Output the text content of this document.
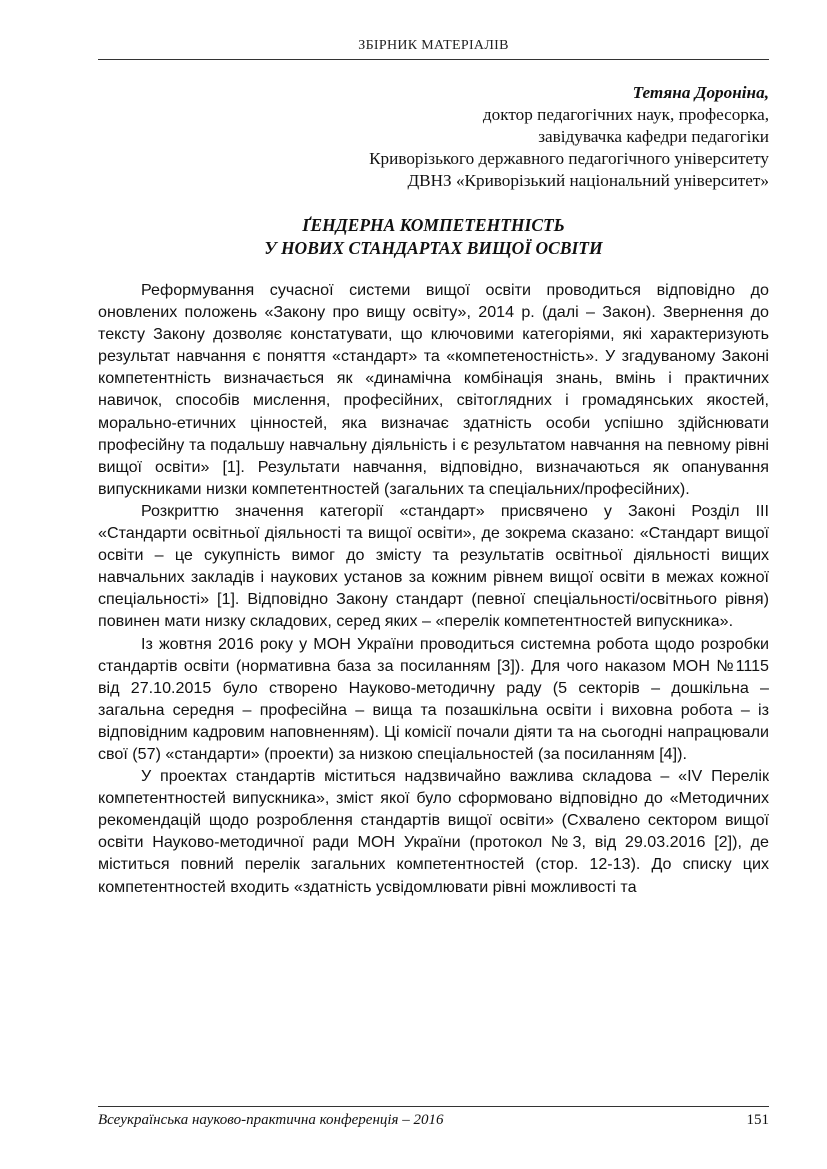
ЗБІРНИК МАТЕРІАЛІВ
Тетяна Дороніна,
доктор педагогічних наук, професорка,
завідувачка кафедри педагогіки
Криворізького державного педагогічного університету
ДВНЗ «Криворізький національний університет»
ҐЕНДЕРНА КОМПЕТЕНТНІСТЬ
У НОВИХ СТАНДАРТАХ ВИЩОЇ ОСВІТИ

Реформування сучасної системи вищої освіти проводиться відповідно до оновлених положень «Закону про вищу освіту», 2014 р. (далі – Закон). Звернення до тексту Закону дозволяє констатувати, що ключовими категоріями, які характеризують результат навчання є поняття «стандарт» та «компетеностність». У згадуваному Законі компетентність визначається як «динамічна комбінація знань, вмінь і практичних навичок, способів мислення, професійних, світоглядних і громадянських якостей, морально-етичних цінностей, яка визначає здатність особи успішно здійснювати професійну та подальшу навчальну діяльність і є результатом навчання на певному рівні вищої освіти» [1]. Результати навчання, відповідно, визначаються як опанування випускниками низки компетентностей (загальних та спеціальних/професійних).

Розкриттю значення категорії «стандарт» присвячено у Законі Розділ ІІІ «Стандарти освітньої діяльності та вищої освіти», де зокрема сказано: «Стандарт вищої освіти – це сукупність вимог до змісту та результатів освітньої діяльності вищих навчальних закладів і наукових установ за кожним рівнем вищої освіти в межах кожної спеціальності» [1]. Відповідно Закону стандарт (певної спеціальності/освітнього рівня) повинен мати низку складових, серед яких – «перелік компетентностей випускника».

Із жовтня 2016 року у МОН України проводиться системна робота щодо розробки стандартів освіти (нормативна база за посиланням [3]). Для чого наказом МОН №1115 від 27.10.2015 було створено Науково-методичну раду (5 секторів – дошкільна – загальна середня – професійна – вища та позашкільна освіти і виховна робота – із відповідним кадровим наповненням). Ці комісії почали діяти та на сьогодні напрацювали свої (57) «стандарти» (проекти) за низкою спеціальностей (за посиланням [4]).

У проектах стандартів міститься надзвичайно важлива складова – «IV Перелік компетентностей випускника», зміст якої було сформовано відповідно до «Методичних рекомендацій щодо розроблення стандартів вищої освіти» (Схвалено сектором вищої освіти Науково-методичної ради МОН України (протокол №3, від 29.03.2016 [2]), де міститься повний перелік загальних компетентностей (стор. 12-13). До списку цих компетентностей входить «здатність усвідомлювати рівні можливості та

Всеукраїнська науково-практична конференція – 2016	151
